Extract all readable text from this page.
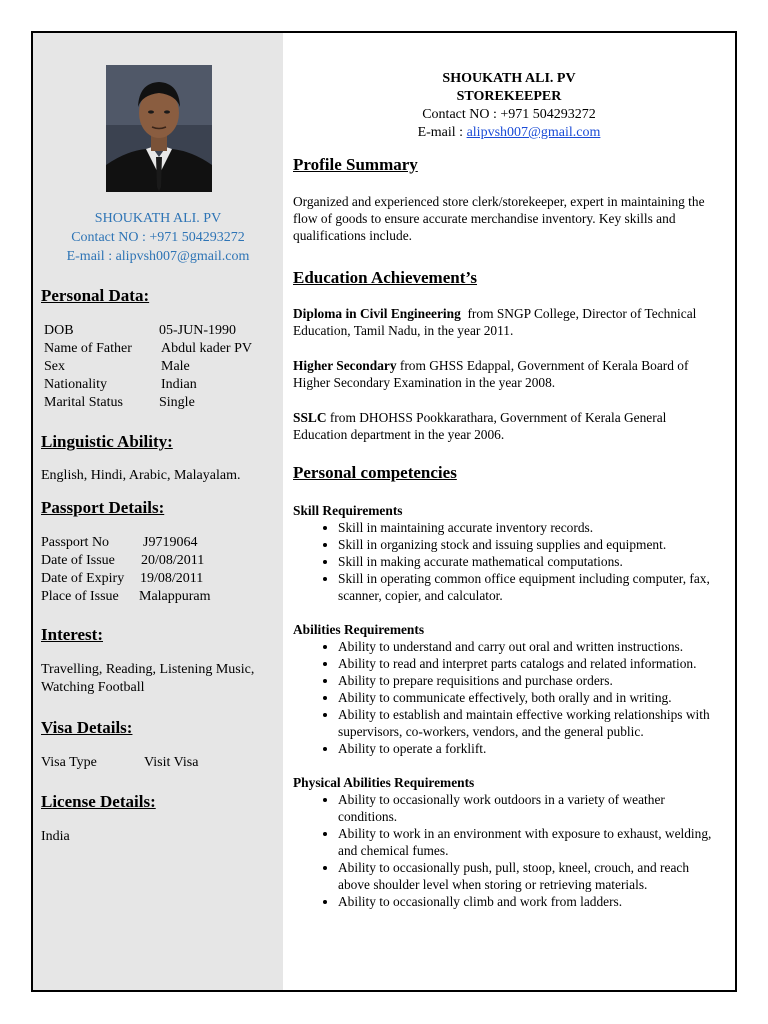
SHOUKATH ALI. PV
Contact NO : +971 504293272
E-mail : alipvsh007@gmail.com
Personal Data:
DOB	05-JUN-1990
Name of Father	Abdul kader PV
Sex	Male
Nationality	Indian
Marital Status	Single
Linguistic Ability:
English, Hindi, Arabic, Malayalam.
Passport Details:
Passport No	J9719064
Date of Issue	20/08/2011
Date of Expiry	19/08/2011
Place of Issue	Malappuram
Interest:
Travelling, Reading, Listening Music, Watching Football
Visa Details:
Visa Type	Visit Visa
License Details:
India
SHOUKATH ALI. PV
STOREKEEPER
Contact NO : +971 504293272
E-mail : alipvsh007@gmail.com
Profile Summary

Organized and experienced store clerk/storekeeper, expert in maintaining the flow of goods to ensure accurate merchandise inventory. Key skills and qualifications include.

Education Achievement’s

Diploma in Civil Engineering  from SNGP College, Director of Technical Education, Tamil Nadu, in the year 2011.

Higher Secondary from GHSS Edappal, Government of Kerala Board of Higher Secondary Examination in the year 2008.

SSLC from DHOHSS Pookkarathara, Government of Kerala General Education department in the year 2006.

Personal competencies

Skill Requirements

• Skill in maintaining accurate inventory records.
• Skill in organizing stock and issuing supplies and equipment.
• Skill in making accurate mathematical computations.
• Skill in operating common office equipment including computer, fax, scanner, copier, and calculator.

Abilities Requirements

• Ability to understand and carry out oral and written instructions.
• Ability to read and interpret parts catalogs and related information.
• Ability to prepare requisitions and purchase orders.
• Ability to communicate effectively, both orally and in writing.
• Ability to establish and maintain effective working relationships with supervisors, co-workers, vendors, and the general public.
• Ability to operate a forklift.

Physical Abilities Requirements

• Ability to occasionally work outdoors in a variety of weather conditions.
• Ability to work in an environment with exposure to exhaust, welding, and chemical fumes.
• Ability to occasionally push, pull, stoop, kneel, crouch, and reach above shoulder level when storing or retrieving materials.
• Ability to occasionally climb and work from ladders.
